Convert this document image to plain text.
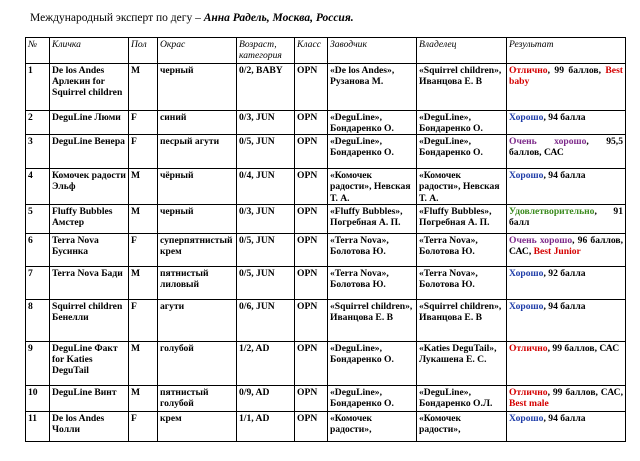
Международный эксперт по дегу – Анна Радель, Москва, Россия.
№	Кличка	Пол	Окрас	Возраст, категория	Класс	Заводчик	Владелец	Результат
1	De los Andes Арлекин for Squirrel children	M	черный	0/2, BABY	OPN	«De los Andes», Рузанова М.	«Squirrel children», Иванцова Е. В	Отлично, 99 баллов, Best baby
2	DeguLine Люми	F	синий	0/3, JUN	OPN	«DeguLine», Бондаренко О.	«DeguLine», Бондаренко О.	Хорошо, 94 балла
3	DeguLine Венера	F	песрый агути	0/5, JUN	OPN	«DeguLine», Бондаренко О.	«DeguLine», Бондаренко О.	Очень хорошо, 95,5 баллов, САС
4	Комочек радости Эльф	M	чёрный	0/4, JUN	OPN	«Комочек радости», Невская Т. А.	«Комочек радости», Невская Т. А.	Хорошо, 94 балла
5	Fluffy Bubbles Амстер	M	черный	0/3, JUN	OPN	«Fluffy Bubbles», Погребная А. П.	«Fluffy Bubbles», Погребная А. П.	Удовлетворительно, 91 балл
6	Terra Nova Бусинка	F	суперпятнистый крем	0/5, JUN	OPN	«Terra Nova», Болотова Ю.	«Terra Nova», Болотова Ю.	Очень хорошо, 96 баллов, САС, Best Junior
7	Terra Nova Бади	M	пятнистый лиловый	0/5, JUN	OPN	«Terra Nova», Болотова Ю.	«Terra Nova», Болотова Ю.	Хорошо, 92 балла
8	Squirrel children Бенелли	F	агути	0/6, JUN	OPN	«Squirrel children», Иванцова Е. В	«Squirrel children», Иванцова Е. В	Хорошо, 94 балла
9	DeguLine Факт for Katies DeguTail	M	голубой	1/2, AD	OPN	«DeguLine», Бондаренко О.	«Katies DeguTail», Лукашена Е. С.	Отлично, 99 баллов, САС
10	DeguLine Винт	M	пятнистый голубой	0/9, AD	OPN	«DeguLine», Бондаренко О.	«DeguLine», Бондаренко О.Л.	Отлично, 99 баллов, САС, Best male
11	De los Andes Чолли	F	крем	1/1, AD	OPN	«Комочек радости»,	«Комочек радости»,	Хорошо, 94 балла
